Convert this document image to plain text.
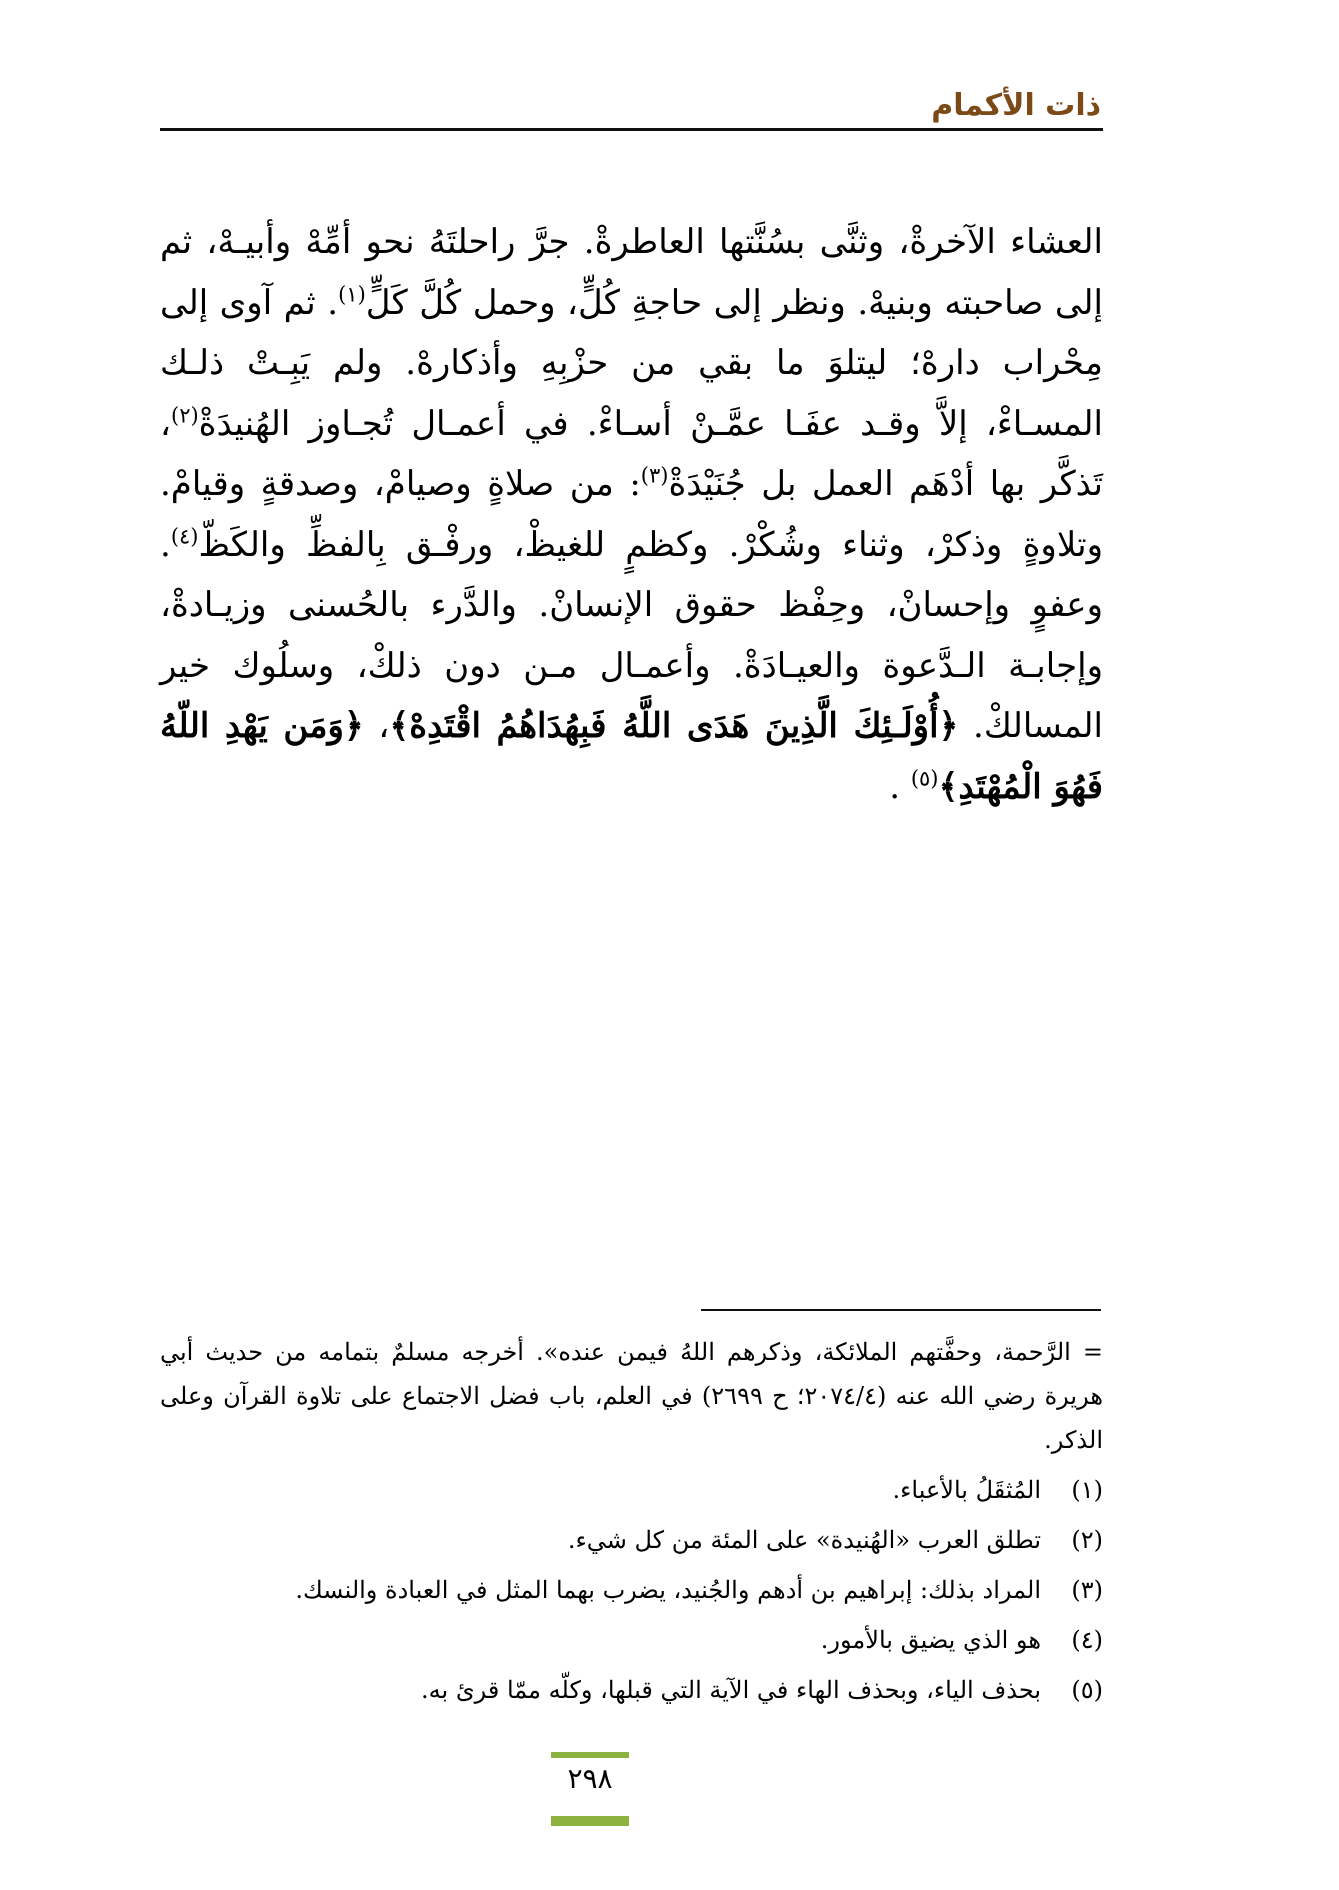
ذات الأكمام
العشاء الآخرةْ، وثنَّى بسُنَّتها العاطرةْ. جرَّ راحلتَهُ نحو أمِّهْ وأبيـهْ، ثم إلى صاحبته وبنيهْ. ونظر إلى حاجةِ كُلٍّ، وحمل كُلَّ كَلٍّ$^{(١)}$. ثم آوى إلى مِحْراب دارهْ؛ ليتلوَ ما بقي من حزْبِهِ وأذكارهْ. ولم يَبِـتْ ذلـك المسـاءْ، إلاَّ وقـد عفَـا عمَّـنْ أسـاءْ. في أعمـال تُجـاوز الهُنيدَةْ$^{(٢)}$، تَذكَّر بها أدْهَم العمل بل جُنَيْدَةْ$^{(٣)}$: من صلاةٍ وصيامْ، وصدقةٍ وقيامْ. وتلاوةٍ وذكرْ، وثناء وشُكْرْ. وكظمٍ للغيظْ، ورفْـق بِالفظِّ والكَظّ$^{(٤)}$. وعفوٍ وإحسانْ، وحِفْظ حقوق الإنسانْ. والدَّرء بالحُسنى وزيـادةْ، وإجابـة الـدَّعوة والعيـادَةْ. وأعمـال مـن دون ذلكْ، وسلُوك خير المسالكْ. ﴿أُوْلَـئِكَ الَّذِينَ هَدَى اللَّهُ فَبِهُدَاهُمُ اقْتَدِهْ﴾، ﴿وَمَن يَهْدِ اللّهُ فَهُوَ الْمُهْتَدِ﴾$^{(٥)}$ .
= الرَّحمة، وحفَّتهم الملائكة، وذكرهم اللهُ فيمن عنده». أخرجه مسلمٌ بتمامه من حديث أبي هريرة رضي الله عنه (٢٠٧٤/٤؛ ح ٢٦٩٩) في العلم، باب فضل الاجتماع على تلاوة القرآن وعلى الذكر.
(١)
المُثقَلُ بالأعباء.
(٢)
تطلق العرب «الهُنيدة» على المئة من كل شيء.
(٣)
المراد بذلك: إبراهيم بن أدهم والجُنيد، يضرب بهما المثل في العبادة والنسك.
(٤)
هو الذي يضيق بالأمور.
(٥)
بحذف الياء، وبحذف الهاء في الآية التي قبلها، وكلّه ممّا قرئ به.
٢٩٨
